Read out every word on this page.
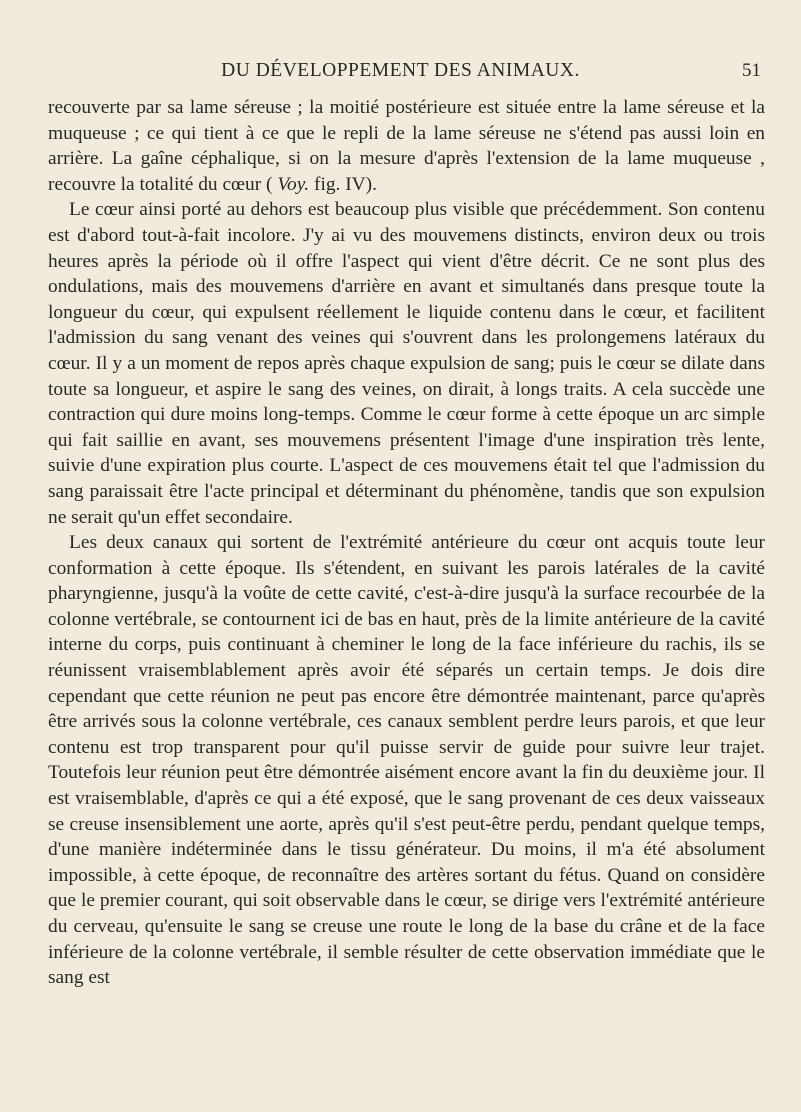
DU DÉVELOPPEMENT DES ANIMAUX.	51

recouverte par sa lame séreuse ; la moitié postérieure est située entre la lame séreuse et la muqueuse ; ce qui tient à ce que le repli de la lame séreuse ne s'étend pas aussi loin en arrière. La gaîne céphalique, si on la mesure d'après l'extension de la lame muqueuse , recouvre la totalité du cœur ( Voy. fig. IV).

Le cœur ainsi porté au dehors est beaucoup plus visible que précédemment. Son contenu est d'abord tout-à-fait incolore. J'y ai vu des mouvemens distincts, environ deux ou trois heures après la période où il offre l'aspect qui vient d'être décrit. Ce ne sont plus des ondulations, mais des mouvemens d'arrière en avant et simultanés dans presque toute la longueur du cœur, qui expulsent réellement le liquide contenu dans le cœur, et facilitent l'admission du sang venant des veines qui s'ouvrent dans les prolongemens latéraux du cœur. Il y a un moment de repos après chaque expulsion de sang; puis le cœur se dilate dans toute sa longueur, et aspire le sang des veines, on dirait, à longs traits. A cela succède une contraction qui dure moins long-temps. Comme le cœur forme à cette époque un arc simple qui fait saillie en avant, ses mouvemens présentent l'image d'une inspiration très lente, suivie d'une expiration plus courte. L'aspect de ces mouvemens était tel que l'admission du sang paraissait être l'acte principal et déterminant du phénomène, tandis que son expulsion ne serait qu'un effet secondaire.

Les deux canaux qui sortent de l'extrémité antérieure du cœur ont acquis toute leur conformation à cette époque. Ils s'étendent, en suivant les parois latérales de la cavité pharyngienne, jusqu'à la voûte de cette cavité, c'est-à-dire jusqu'à la surface recourbée de la colonne vertébrale, se contournent ici de bas en haut, près de la limite antérieure de la cavité interne du corps, puis continuant à cheminer le long de la face inférieure du rachis, ils se réunissent vraisemblablement après avoir été séparés un certain temps. Je dois dire cependant que cette réunion ne peut pas encore être démontrée maintenant, parce qu'après être arrivés sous la colonne vertébrale, ces canaux semblent perdre leurs parois, et que leur contenu est trop transparent pour qu'il puisse servir de guide pour suivre leur trajet. Toutefois leur réunion peut être démontrée aisément encore avant la fin du deuxième jour. Il est vraisemblable, d'après ce qui a été exposé, que le sang provenant de ces deux vaisseaux se creuse insensiblement une aorte, après qu'il s'est peut-être perdu, pendant quelque temps, d'une manière indéterminée dans le tissu générateur. Du moins, il m'a été absolument impossible, à cette époque, de reconnaître des artères sortant du fétus. Quand on considère que le premier courant, qui soit observable dans le cœur, se dirige vers l'extrémité antérieure du cerveau, qu'ensuite le sang se creuse une route le long de la base du crâne et de la face inférieure de la colonne vertébrale, il semble résulter de cette observation immédiate que le sang est
